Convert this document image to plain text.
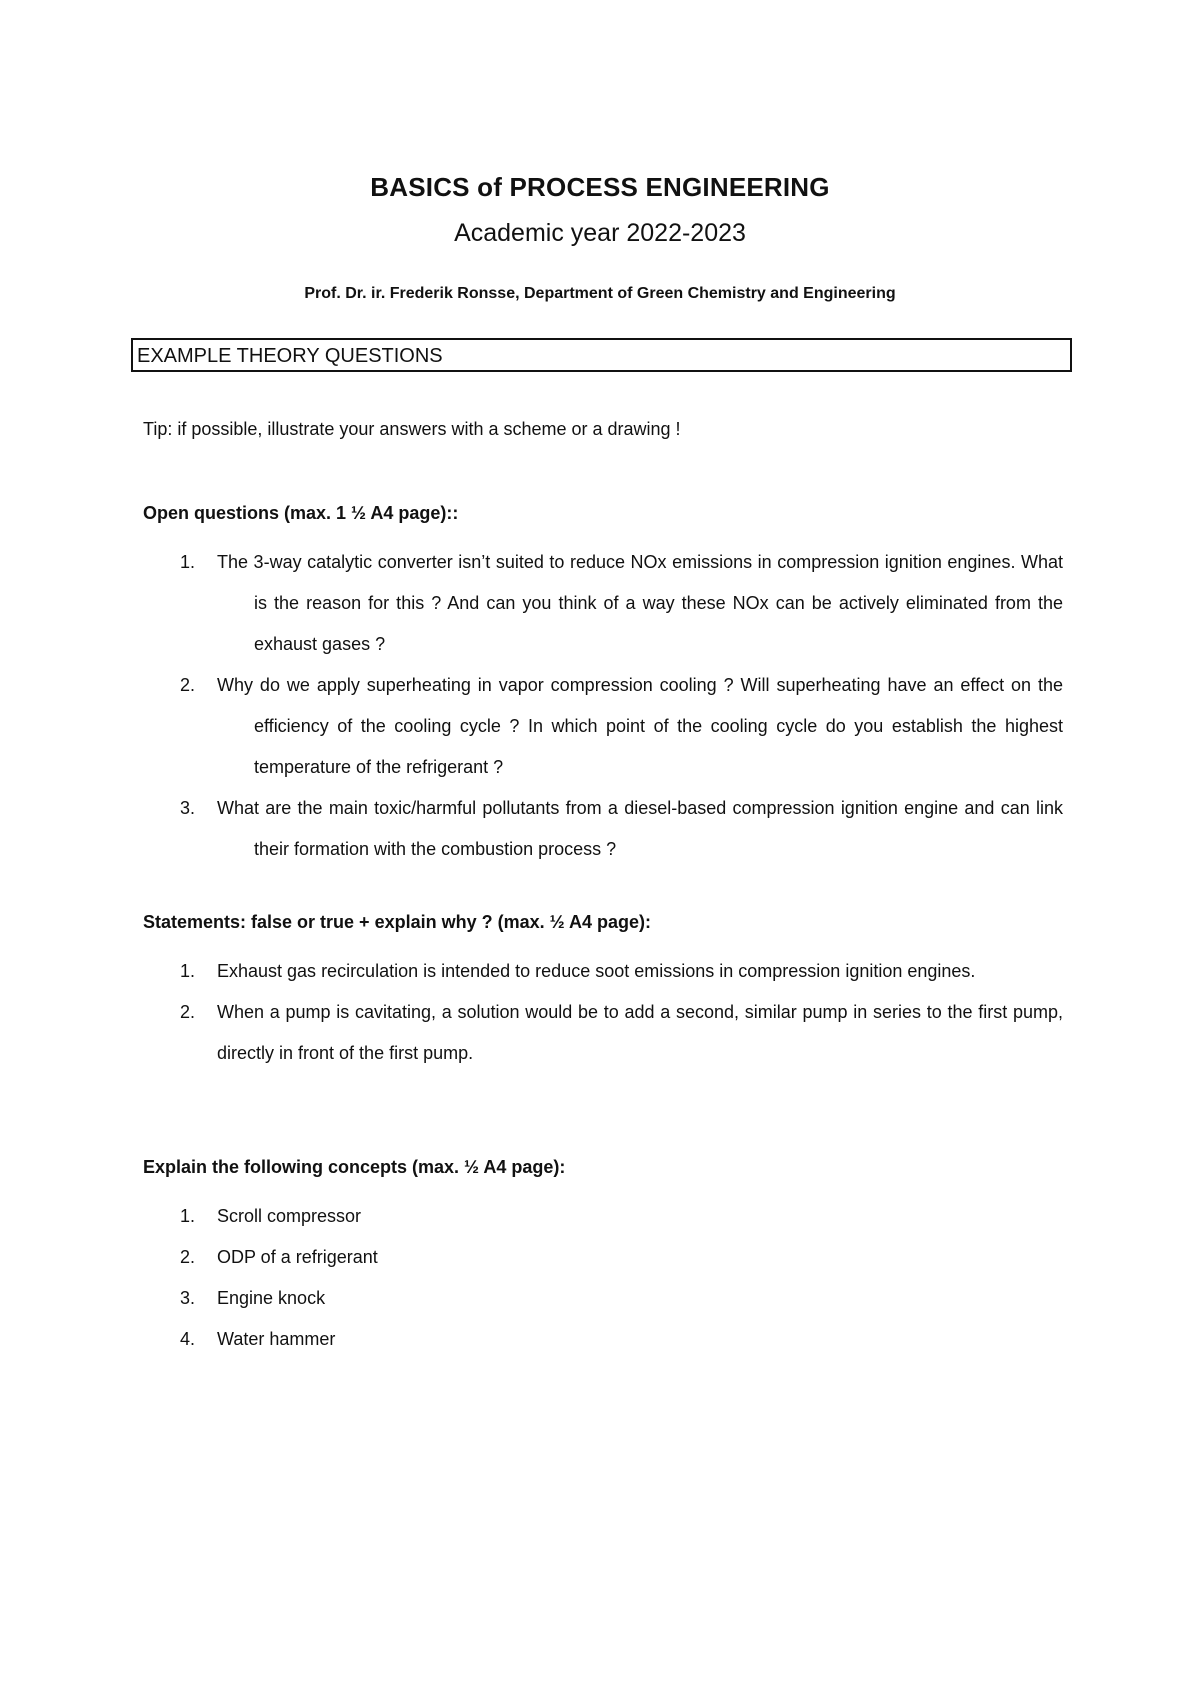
BASICS of PROCESS ENGINEERING
Academic year 2022-2023
Prof. Dr. ir. Frederik Ronsse, Department of Green Chemistry and Engineering
EXAMPLE THEORY QUESTIONS
Tip: if possible, illustrate your answers with a scheme or a drawing !
Open questions (max. 1 ½ A4 page)::
1. The 3-way catalytic converter isn’t suited to reduce NOx emissions in compression ignition engines. What is the reason for this ? And can you think of a way these NOx can be actively eliminated from the exhaust gases ?
2. Why do we apply superheating in vapor compression cooling ? Will superheating have an effect on the efficiency of the cooling cycle ? In which point of the cooling cycle do you establish the highest temperature of the refrigerant ?
3. What are the main toxic/harmful pollutants from a diesel-based compression ignition engine and can link their formation with the combustion process ?
Statements: false or true + explain why ? (max. ½ A4 page):
1. Exhaust gas recirculation is intended to reduce soot emissions in compression ignition engines.
2. When a pump is cavitating, a solution would be to add a second, similar pump in series to the first pump, directly in front of the first pump.
Explain the following concepts (max. ½ A4 page):
1. Scroll compressor
2. ODP of a refrigerant
3. Engine knock
4. Water hammer
